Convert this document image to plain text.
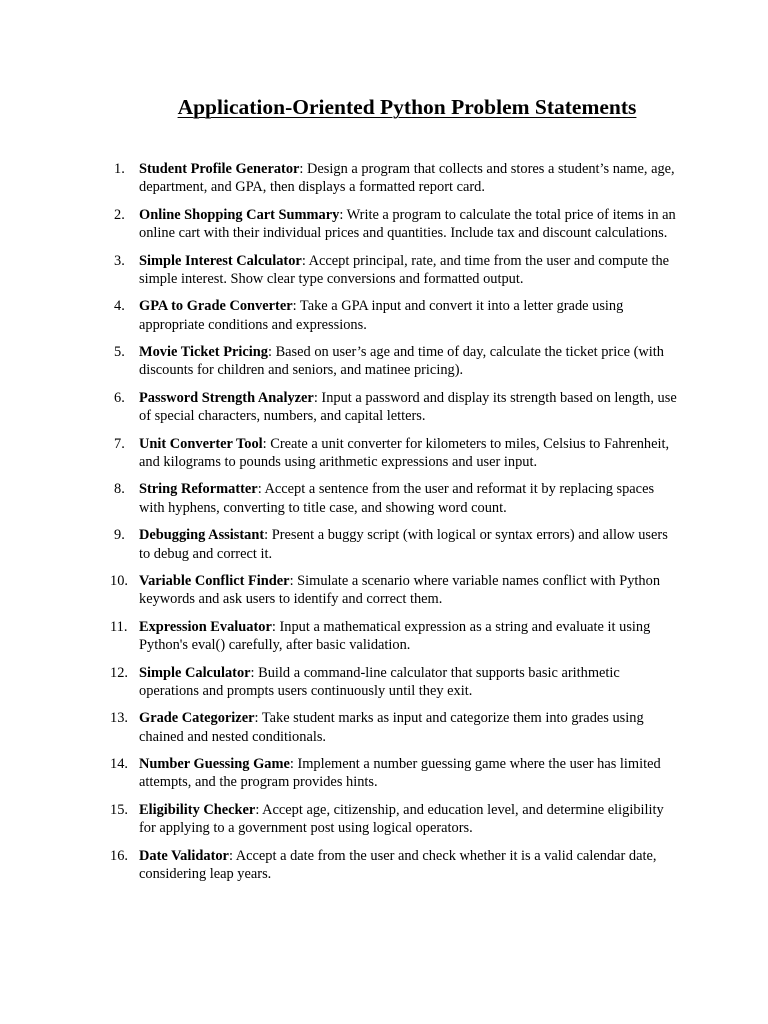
Application-Oriented Python Problem Statements
1. Student Profile Generator: Design a program that collects and stores a student’s name, age, department, and GPA, then displays a formatted report card.
2. Online Shopping Cart Summary: Write a program to calculate the total price of items in an online cart with their individual prices and quantities. Include tax and discount calculations.
3. Simple Interest Calculator: Accept principal, rate, and time from the user and compute the simple interest. Show clear type conversions and formatted output.
4. GPA to Grade Converter: Take a GPA input and convert it into a letter grade using appropriate conditions and expressions.
5. Movie Ticket Pricing: Based on user’s age and time of day, calculate the ticket price (with discounts for children and seniors, and matinee pricing).
6. Password Strength Analyzer: Input a password and display its strength based on length, use of special characters, numbers, and capital letters.
7. Unit Converter Tool: Create a unit converter for kilometers to miles, Celsius to Fahrenheit, and kilograms to pounds using arithmetic expressions and user input.
8. String Reformatter: Accept a sentence from the user and reformat it by replacing spaces with hyphens, converting to title case, and showing word count.
9. Debugging Assistant: Present a buggy script (with logical or syntax errors) and allow users to debug and correct it.
10. Variable Conflict Finder: Simulate a scenario where variable names conflict with Python keywords and ask users to identify and correct them.
11. Expression Evaluator: Input a mathematical expression as a string and evaluate it using Python's eval() carefully, after basic validation.
12. Simple Calculator: Build a command-line calculator that supports basic arithmetic operations and prompts users continuously until they exit.
13. Grade Categorizer: Take student marks as input and categorize them into grades using chained and nested conditionals.
14. Number Guessing Game: Implement a number guessing game where the user has limited attempts, and the program provides hints.
15. Eligibility Checker: Accept age, citizenship, and education level, and determine eligibility for applying to a government post using logical operators.
16. Date Validator: Accept a date from the user and check whether it is a valid calendar date, considering leap years.
